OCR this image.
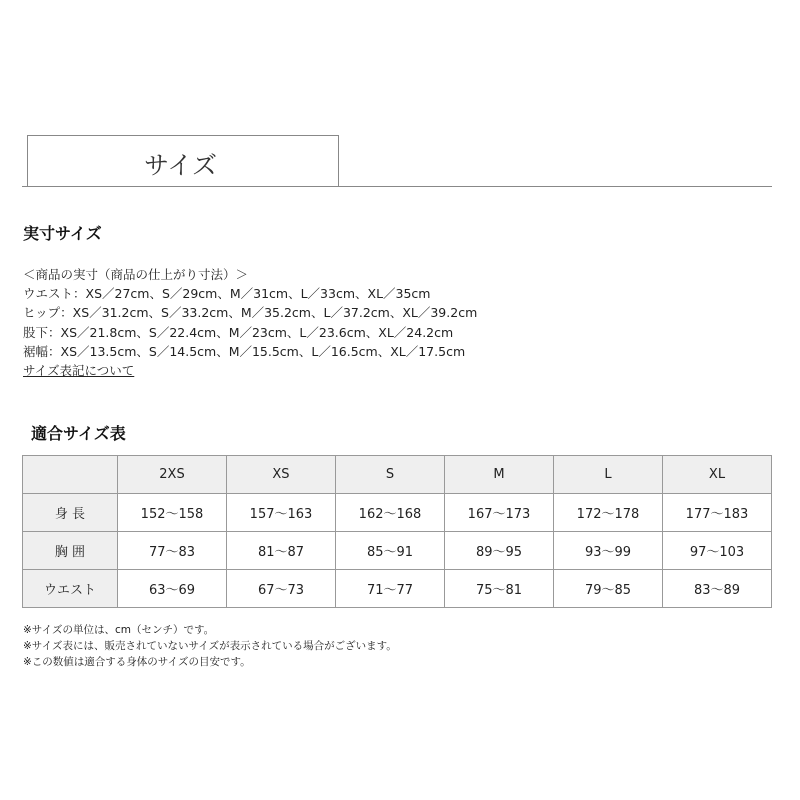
サイズ
実寸サイズ
＜商品の実寸（商品の仕上がり寸法）＞
ウエスト：XS／27cm、S／29cm、M／31cm、L／33cm、XL／35cm
ヒップ：XS／31.2cm、S／33.2cm、M／35.2cm、L／37.2cm、XL／39.2cm
股下：XS／21.8cm、S／22.4cm、M／23cm、L／23.6cm、XL／24.2cm
裾幅：XS／13.5cm、S／14.5cm、M／15.5cm、L／16.5cm、XL／17.5cm
サイズ表記について
適合サイズ表
	2XS	XS	S	M	L	XL
身 長	152〜158	157〜163	162〜168	167〜173	172〜178	177〜183
胸 囲	77〜83	81〜87	85〜91	89〜95	93〜99	97〜103
ウエスト	63〜69	67〜73	71〜77	75〜81	79〜85	83〜89
※サイズの単位は、cm（センチ）です。
※サイズ表には、販売されていないサイズが表示されている場合がございます。
※この数値は適合する身体のサイズの目安です。
